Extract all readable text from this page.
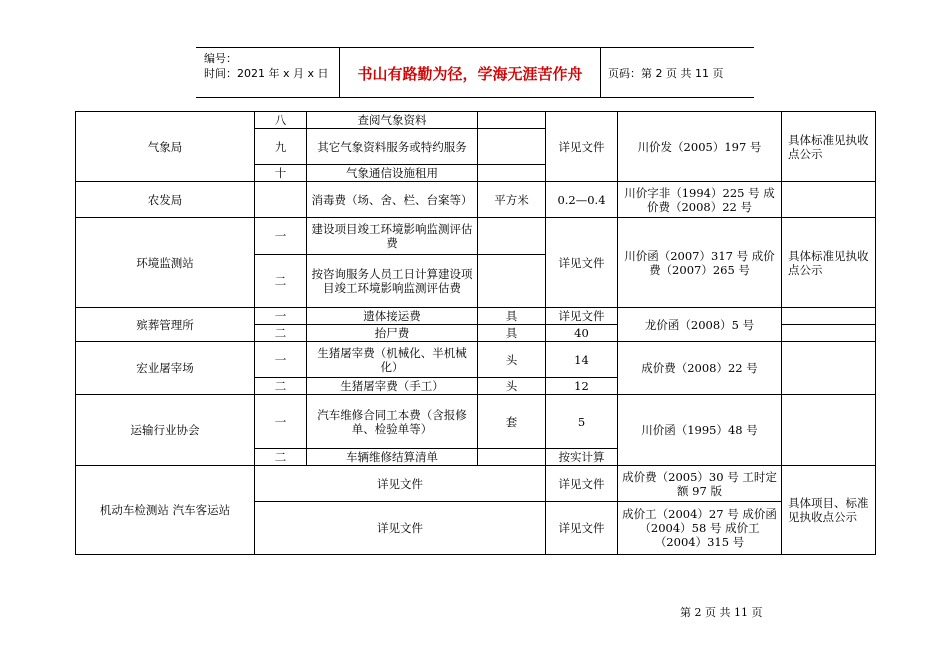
编号：
时间：2021 年 x 月 x 日	书山有路勤为径，学海无涯苦作舟	页码：第 2 页 共 11 页
气象局	八	查阅气象资料		详见文件	川价发（2005）197 号	具体标准见执收点公示
	九	其它气象资料服务或特约服务				
	十	气象通信设施租用				
农发局		消毒费（场、舍、栏、台案等）	平方米	0.2—0.4	川价字非（1994）225 号 成价费（2008）22 号	
环境监测站	一	建设项目竣工环境影响监测评估费		详见文件	川价函（2007）317 号 成价费（2007）265 号	具体标准见执收点公示
	二	按咨询服务人员工日计算建设项目竣工环境影响监测评估费				
殡葬管理所	一	遗体接运费	具	详见文件	龙价函（2008）5 号	
	二	抬尸费	具	40		
宏业屠宰场	一	生猪屠宰费（机械化、半机械化）	头	14	成价费（2008）22 号	
	二	生猪屠宰费（手工）	头	12		
运输行业协会	一	汽车维修合同工本费（含报修单、检验单等）	套	5	川价函（1995）48 号	
	二	车辆维修结算清单		按实计算		
机动车检测站 汽车客运站	详见文件			详见文件	成价费（2005）30 号 工时定额 97 版	具体项目、标准见执收点公示
	详见文件			详见文件	成价工（2004）27 号 成价函（2004）58 号 成价工（2004）315 号	
第 2 页 共 11 页
